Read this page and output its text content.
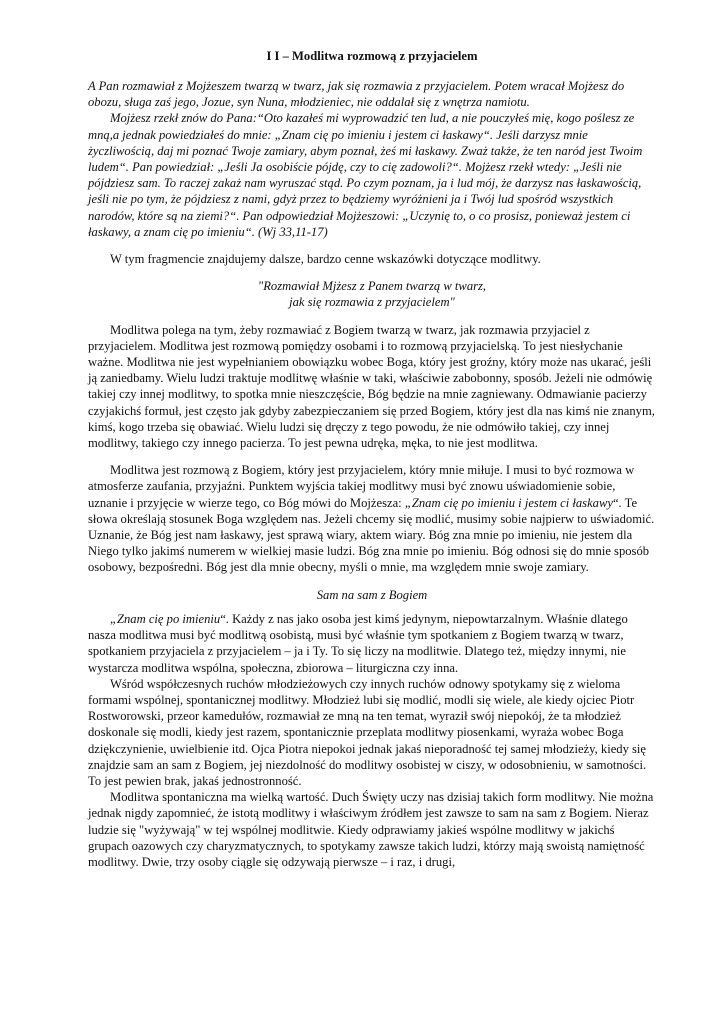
I I – Modlitwa rozmową z przyjacielem

A Pan rozmawiał z Mojżeszem twarzą w twarz, jak się rozmawia z przyjacielem. Potem wracał Mojżesz do obozu, sługa zaś jego, Jozue, syn Nuna, młodzieniec, nie oddalał się z wnętrza namiotu.

Mojżesz rzekł znów do Pana:“Oto kazałeś mi wyprowadzić ten lud, a nie pouczyłeś mię, kogo poślesz ze mną,a jednak powiedziałeś do mnie: „Znam cię po imieniu i jestem ci łaskawy“. Jeśli darzysz mnie życzliwością, daj mi poznać Twoje zamiary, abym poznał, żeś mi łaskawy. Zważ także, że ten naród jest Twoim ludem“. Pan powiedział: „Jeśli Ja osobiście pójdę, czy to cię zadowoli?“. Mojżesz rzekł wtedy: „Jeśli nie pójdziesz sam. To raczej zakaż nam wyruszać stąd. Po czym poznam, ja i lud mój, że darzysz nas łaskawością, jeśli nie po tym, że pójdziesz z nami, gdyż przez to będziemy wyróżnieni ja i Twój lud spośród wszystkich narodów, które są na ziemi?“. Pan odpowiedział Mojżeszowi: „Uczynię to, o co prosisz, ponieważ jestem ci łaskawy, a znam cię po imieniu“. (Wj 33,11-17)

W tym fragmencie znajdujemy dalsze, bardzo cenne wskazówki dotyczące modlitwy.

"Rozmawiał Mjżesz z Panem twarzą w twarz,

jak się rozmawia z przyjacielem"

Modlitwa polega na tym, żeby rozmawiać z Bogiem twarzą w twarz, jak rozmawia przyjaciel z przyjacielem. Modlitwa jest rozmową pomiędzy osobami i to rozmową przyjacielską. To jest niesłychanie ważne. Modlitwa nie jest wypełnianiem obowiązku wobec Boga, który jest groźny, który może nas ukarać, jeśli ją zaniedbamy. Wielu ludzi traktuje modlitwę właśnie w taki, właściwie zabobonny, sposób. Jeżeli nie odmówię takiej czy innej modlitwy, to spotka mnie nieszczęście, Bóg będzie na mnie zagniewany. Odmawianie pacierzy czyjakichś formuł, jest często jak gdyby zabezpieczaniem się przed Bogiem, który jest dla nas kimś nie znanym, kimś, kogo trzeba się obawiać. Wielu ludzi się dręczy z tego powodu, że nie odmówiło takiej, czy innej modlitwy, takiego czy innego pacierza. To jest pewna udręka, męka, to nie jest modlitwa.

Modlitwa jest rozmową z Bogiem, który jest przyjacielem, który mnie miłuje. I musi to być rozmowa w atmosferze zaufania, przyjaźni. Punktem wyjścia takiej modlitwy musi być znowu uświadomienie sobie, uznanie i przyjęcie w wierze tego, co Bóg mówi do Mojżesza: „Znam cię po imieniu i jestem ci łaskawy“. Te słowa określają stosunek Boga względem nas. Jeżeli chcemy się modlić, musimy sobie najpierw to uświadomić. Uznanie, że Bóg jest nam łaskawy, jest sprawą wiary, aktem wiary. Bóg zna mnie po imieniu, nie jestem dla Niego tylko jakimś numerem w wielkiej masie ludzi. Bóg zna mnie po imieniu. Bóg odnosi się do mnie sposób osobowy, bezpośredni. Bóg jest dla mnie obecny, myśli o mnie, ma względem mnie swoje zamiary.

Sam na sam z Bogiem

„Znam cię po imieniu“. Każdy z nas jako osoba jest kimś jedynym, niepowtarzalnym. Właśnie dlatego nasza modlitwa musi być modlitwą osobistą, musi być właśnie tym spotkaniem z Bogiem twarzą w twarz, spotkaniem przyjaciela z przyjacielem – ja i Ty. To się liczy na modlitwie. Dlatego też, między innymi, nie wystarcza modlitwa wspólna, społeczna, zbiorowa – liturgiczna czy inna.

Wśród współczesnych ruchów młodzieżowych czy innych ruchów odnowy spotykamy się z wieloma formami wspólnej, spontanicznej modlitwy. Młodzież lubi się modlić, modli się wiele, ale kiedy ojciec Piotr Rostworowski, przeor kamedułów, rozmawiał ze mną na ten temat, wyraził swój niepokój, że ta młodzież doskonale się modli, kiedy jest razem, spontanicznie przeplata modlitwy piosenkami, wyraża wobec Boga dziękczynienie, uwielbienie itd. Ojca Piotra niepokoi jednak jakaś nieporadność tej samej młodzieży, kiedy się znajdzie sam an sam z Bogiem, jej niezdolność do modlitwy osobistej w ciszy, w odosobnieniu, w samotności. To jest pewien brak, jakaś jednostronność.

Modlitwa spontaniczna ma wielką wartość. Duch Święty uczy nas dzisiaj takich form modlitwy. Nie można jednak nigdy zapomnieć, że istotą modlitwy i właściwym źródłem jest zawsze to sam na sam z Bogiem. Nieraz ludzie się "wyżywają" w tej wspólnej modlitwie. Kiedy odprawiamy jakieś wspólne modlitwy w jakichś grupach oazowych czy charyzmatycznych, to spotykamy zawsze takich ludzi, którzy mają swoistą namiętność modlitwy. Dwie, trzy osoby ciągle się odzywają pierwsze – i raz, i drugi,
